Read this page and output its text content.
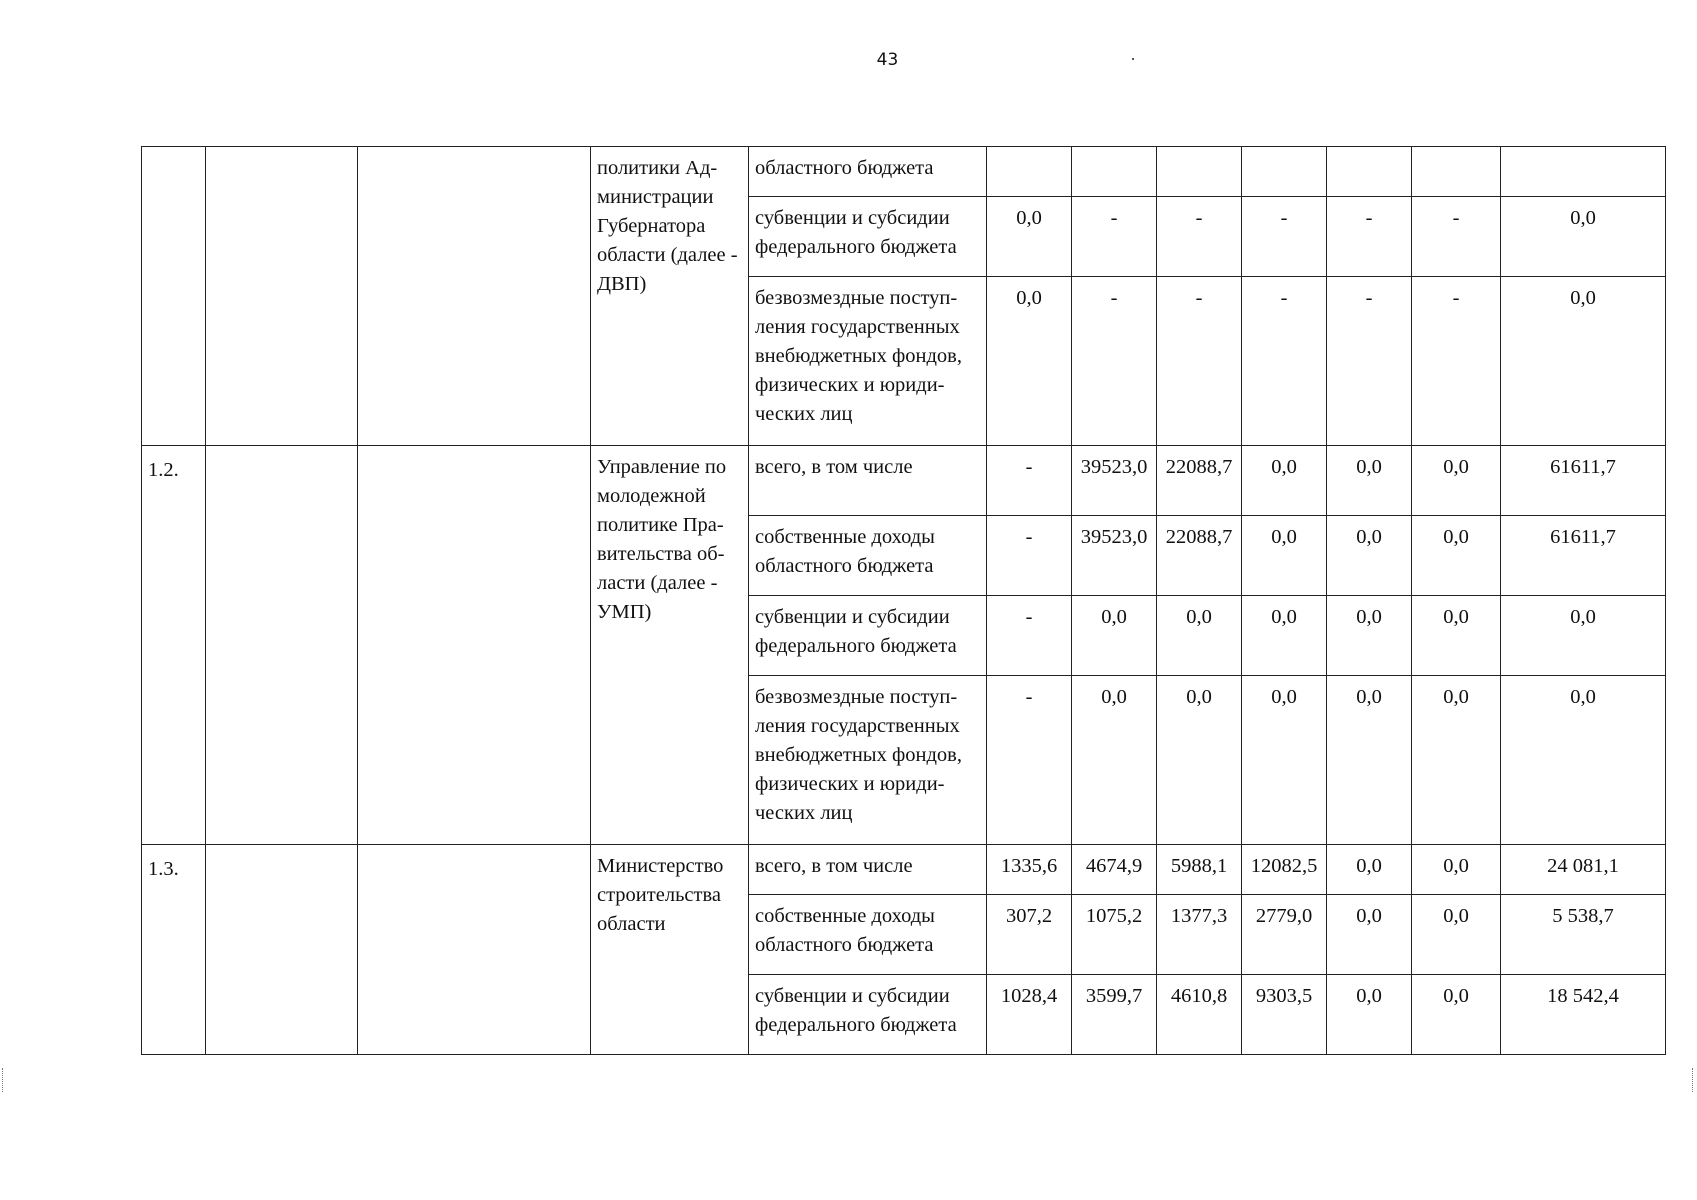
43
			политики Ад-министрации Губернатора области (далее - ДВП)	областного бюджета							
				субвенции и субсидии федерального бюджета	0,0	-	-	-	-	-	0,0
				безвозмездные поступ-ления государственных внебюджетных фондов, физических и юриди-ческих лиц	0,0	-	-	-	-	-	0,0
1.2.			Управление по молодежной политике Пра-вительства об-ласти (далее - УМП)	всего, в том числе	-	39523,0	22088,7	0,0	0,0	0,0	61611,7
				собственные доходы областного бюджета	-	39523,0	22088,7	0,0	0,0	0,0	61611,7
				субвенции и субсидии федерального бюджета	-	0,0	0,0	0,0	0,0	0,0	0,0
				безвозмездные поступ-ления государственных внебюджетных фондов, физических и юриди-ческих лиц	-	0,0	0,0	0,0	0,0	0,0	0,0
1.3.			Министерство строительства области	всего, в том числе	1335,6	4674,9	5988,1	12082,5	0,0	0,0	24 081,1
				собственные доходы областного бюджета	307,2	1075,2	1377,3	2779,0	0,0	0,0	5 538,7
				субвенции и субсидии федерального бюджета	1028,4	3599,7	4610,8	9303,5	0,0	0,0	18 542,4
